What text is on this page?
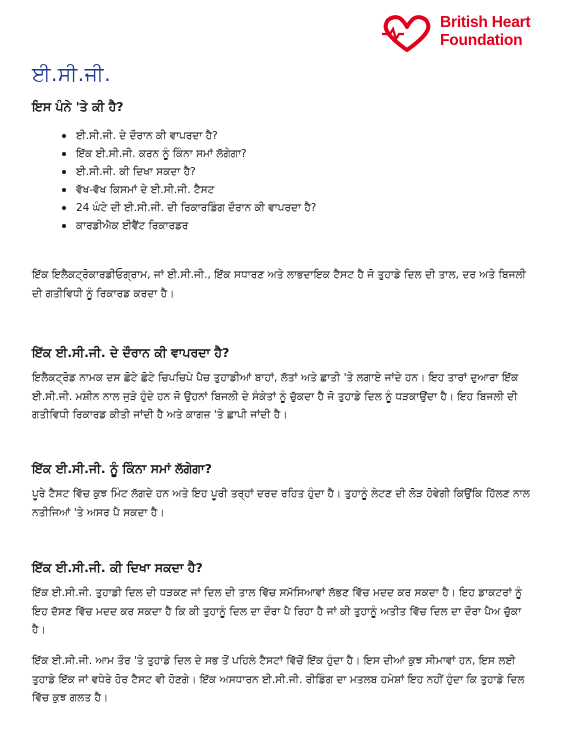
British Heart
Foundation
ਈ.ਸੀ.ਜੀ.
ਇਸ ਪੰਨੇ 'ਤੇ ਕੀ ਹੈ?
ਈ.ਸੀ.ਜੀ. ਦੇ ਦੌਰਾਨ ਕੀ ਵਾਪਰਦਾ ਹੈ?
ਇੱਕ ਈ.ਸੀ.ਜੀ. ਕਰਨ ਨੂੰ ਕਿੰਨਾ ਸਮਾਂ ਲੱਗੇਗਾ?
ਈ.ਸੀ.ਜੀ. ਕੀ ਦਿਖਾ ਸਕਦਾ ਹੈ?
ਵੱਖ-ਵੱਖ ਕਿਸਮਾਂ ਦੇ ਈ.ਸੀ.ਜੀ. ਟੈਸਟ
24 ਘੰਟੇ ਦੀ ਈ.ਸੀ.ਜੀ. ਦੀ ਰਿਕਾਰਡਿੰਗ ਦੌਰਾਨ ਕੀ ਵਾਪਰਦਾ ਹੈ?
ਕਾਰਡੀਐਕ ਈਵੈਂਟ ਰਿਕਾਰਡਰ

ਇੱਕ ਇਲੈਕਟ੍ਰੋਕਾਰਡੀਓਗ੍ਰਾਮ, ਜਾਂ ਈ.ਸੀ.ਜੀ., ਇੱਕ ਸਧਾਰਣ ਅਤੇ ਲਾਭਦਾਇਕ ਟੈਸਟ ਹੈ ਜੋ ਤੁਹਾਡੇ ਦਿਲ ਦੀ ਤਾਲ, ਦਰ ਅਤੇ ਬਿਜਲੀ ਦੀ ਗਤੀਵਿਧੀ ਨੂੰ ਰਿਕਾਰਡ ਕਰਦਾ ਹੈ।

ਇੱਕ ਈ.ਸੀ.ਜੀ. ਦੇ ਦੌਰਾਨ ਕੀ ਵਾਪਰਦਾ ਹੈ?

ਇਲੈਕਟ੍ਰੋਡ ਨਾਮਕ ਦਸ ਛੋਟੇ ਛੋਟੇ ਚਿਪਚਿਪੇ ਪੈਚ ਤੁਹਾਡੀਆਂ ਬਾਹਾਂ, ਲੱਤਾਂ ਅਤੇ ਛਾਤੀ 'ਤੇ ਲਗਾਏ ਜਾਂਦੇ ਹਨ। ਇਹ ਤਾਰਾਂ ਦੁਆਰਾ ਇੱਕ ਈ.ਸੀ.ਜੀ. ਮਸ਼ੀਨ ਨਾਲ ਜੁੜੇ ਹੁੰਦੇ ਹਨ ਜੋ ਉਹਨਾਂ ਬਿਜਲੀ ਦੇ ਸੰਕੇਤਾਂ ਨੂੰ ਚੁੱਕਦਾ ਹੈ ਜੋ ਤੁਹਾਡੇ ਦਿਲ ਨੂੰ ਧੜਕਾਉਂਦਾ ਹੈ। ਇਹ ਬਿਜਲੀ ਦੀ ਗਤੀਵਿਧੀ ਰਿਕਾਰਡ ਕੀਤੀ ਜਾਂਦੀ ਹੈ ਅਤੇ ਕਾਗਜ਼ 'ਤੇ ਛਾਪੀ ਜਾਂਦੀ ਹੈ।

ਇੱਕ ਈ.ਸੀ.ਜੀ. ਨੂੰ ਕਿੰਨਾ ਸਮਾਂ ਲੱਗੇਗਾ?

ਪੂਰੇ ਟੈਸਟ ਵਿੱਚ ਕੁਝ ਮਿੰਟ ਲੱਗਦੇ ਹਨ ਅਤੇ ਇਹ ਪੂਰੀ ਤਰ੍ਹਾਂ ਦਰਦ ਰਹਿਤ ਹੁੰਦਾ ਹੈ। ਤੁਹਾਨੂੰ ਲੇਟਣ ਦੀ ਲੋੜ ਹੋਵੇਗੀ ਕਿਉਂਕਿ ਹਿੱਲਣ ਨਾਲ ਨਤੀਜਿਆਂ 'ਤੇ ਅਸਰ ਪੈ ਸਕਦਾ ਹੈ।

ਇੱਕ ਈ.ਸੀ.ਜੀ. ਕੀ ਦਿਖਾ ਸਕਦਾ ਹੈ?

ਇੱਕ ਈ.ਸੀ.ਜੀ. ਤੁਹਾਡੀ ਦਿਲ ਦੀ ਧੜਕਣ ਜਾਂ ਦਿਲ ਦੀ ਤਾਲ ਵਿੱਚ ਸਮੱਸਿਆਵਾਂ ਲੱਭਣ ਵਿੱਚ ਮਦਦ ਕਰ ਸਕਦਾ ਹੈ। ਇਹ ਡਾਕਟਰਾਂ ਨੂੰ ਇਹ ਦੱਸਣ ਵਿੱਚ ਮਦਦ ਕਰ ਸਕਦਾ ਹੈ ਕਿ ਕੀ ਤੁਹਾਨੂੰ ਦਿਲ ਦਾ ਦੌਰਾ ਪੈ ਰਿਹਾ ਹੈ ਜਾਂ ਕੀ ਤੁਹਾਨੂੰ ਅਤੀਤ ਵਿੱਚ ਦਿਲ ਦਾ ਦੌਰਾ ਪੈਅ ਚੁੱਕਾ ਹੈ।

ਇੱਕ ਈ.ਸੀ.ਜੀ. ਆਮ ਤੌਰ 'ਤੇ ਤੁਹਾਡੇ ਦਿਲ ਦੇ ਸਭ ਤੋਂ ਪਹਿਲੇ ਟੈਸਟਾਂ ਵਿੱਚੋਂ ਇੱਕ ਹੁੰਦਾ ਹੈ। ਇਸ ਦੀਆਂ ਕੁਝ ਸੀਮਾਵਾਂ ਹਨ, ਇਸ ਲਈ ਤੁਹਾਡੇ ਇੱਕ ਜਾਂ ਵਧੇਰੇ ਹੋਰ ਟੈਸਟ ਵੀ ਹੋਣਗੇ। ਇੱਕ ਅਸਧਾਰਨ ਈ.ਸੀ.ਜੀ. ਰੀਡਿੰਗ ਦਾ ਮਤਲਬ ਹਮੇਸ਼ਾਂ ਇਹ ਨਹੀਂ ਹੁੰਦਾ ਕਿ ਤੁਹਾਡੇ ਦਿਲ ਵਿੱਚ ਕੁਝ ਗਲਤ ਹੈ।
